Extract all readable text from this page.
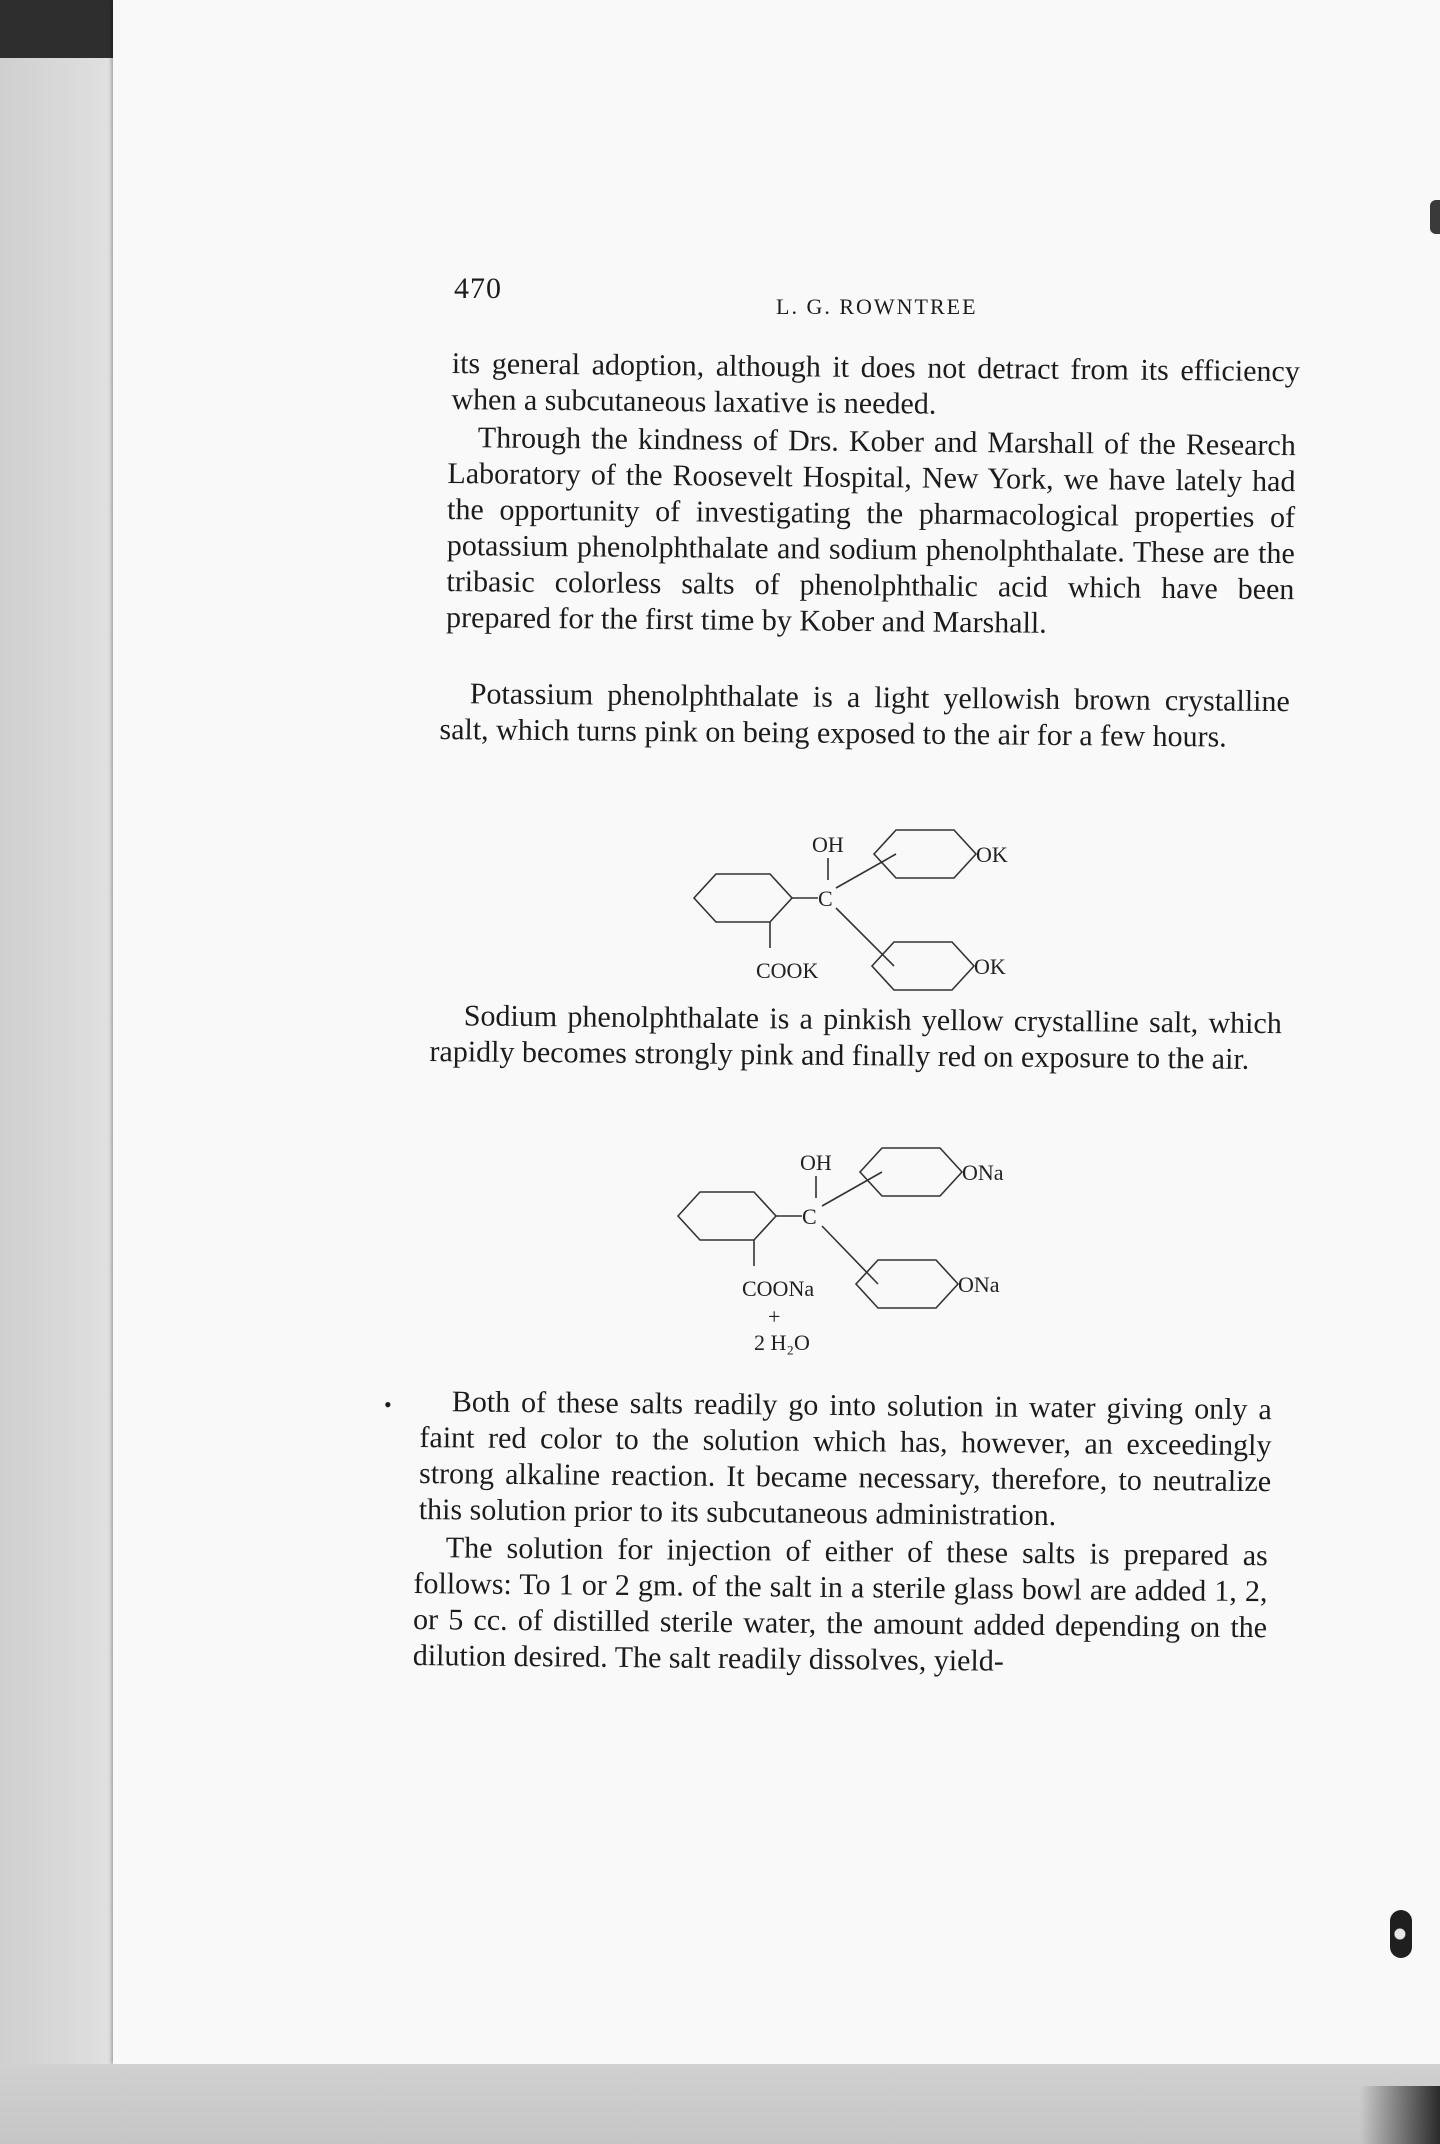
470
L. G. ROWNTREE

its general adoption, although it does not detract from its efficiency when a subcutaneous laxative is needed.

Through the kindness of Drs. Kober and Marshall of the Research Laboratory of the Roosevelt Hospital, New York, we have lately had the opportunity of investigating the pharmacological properties of potassium phenolphthalate and sodium phenolphthalate. These are the tribasic colorless salts of phenolphthalic acid which have been prepared for the first time by Kober and Marshall.

Potassium phenolphthalate is a light yellowish brown crystalline salt, which turns pink on being exposed to the air for a few hours.

C
OH	OK
OK
COOK

Sodium phenolphthalate is a pinkish yellow crystalline salt, which rapidly becomes strongly pink and finally red on exposure to the air.

C
OH	ONa
ONa
COONa
+
2 H₂O
•	Both of these salts readily go into solution in water giving only a faint red color to the solution which has, however, an exceedingly strong alkaline reaction. It became necessary, therefore, to neutralize this solution prior to its subcutaneous administration.

The solution for injection of either of these salts is prepared as follows: To 1 or 2 gm. of the salt in a sterile glass bowl are added 1, 2, or 5 cc. of distilled sterile water, the amount added depending on the dilution desired. The salt readily dissolves, yield-
